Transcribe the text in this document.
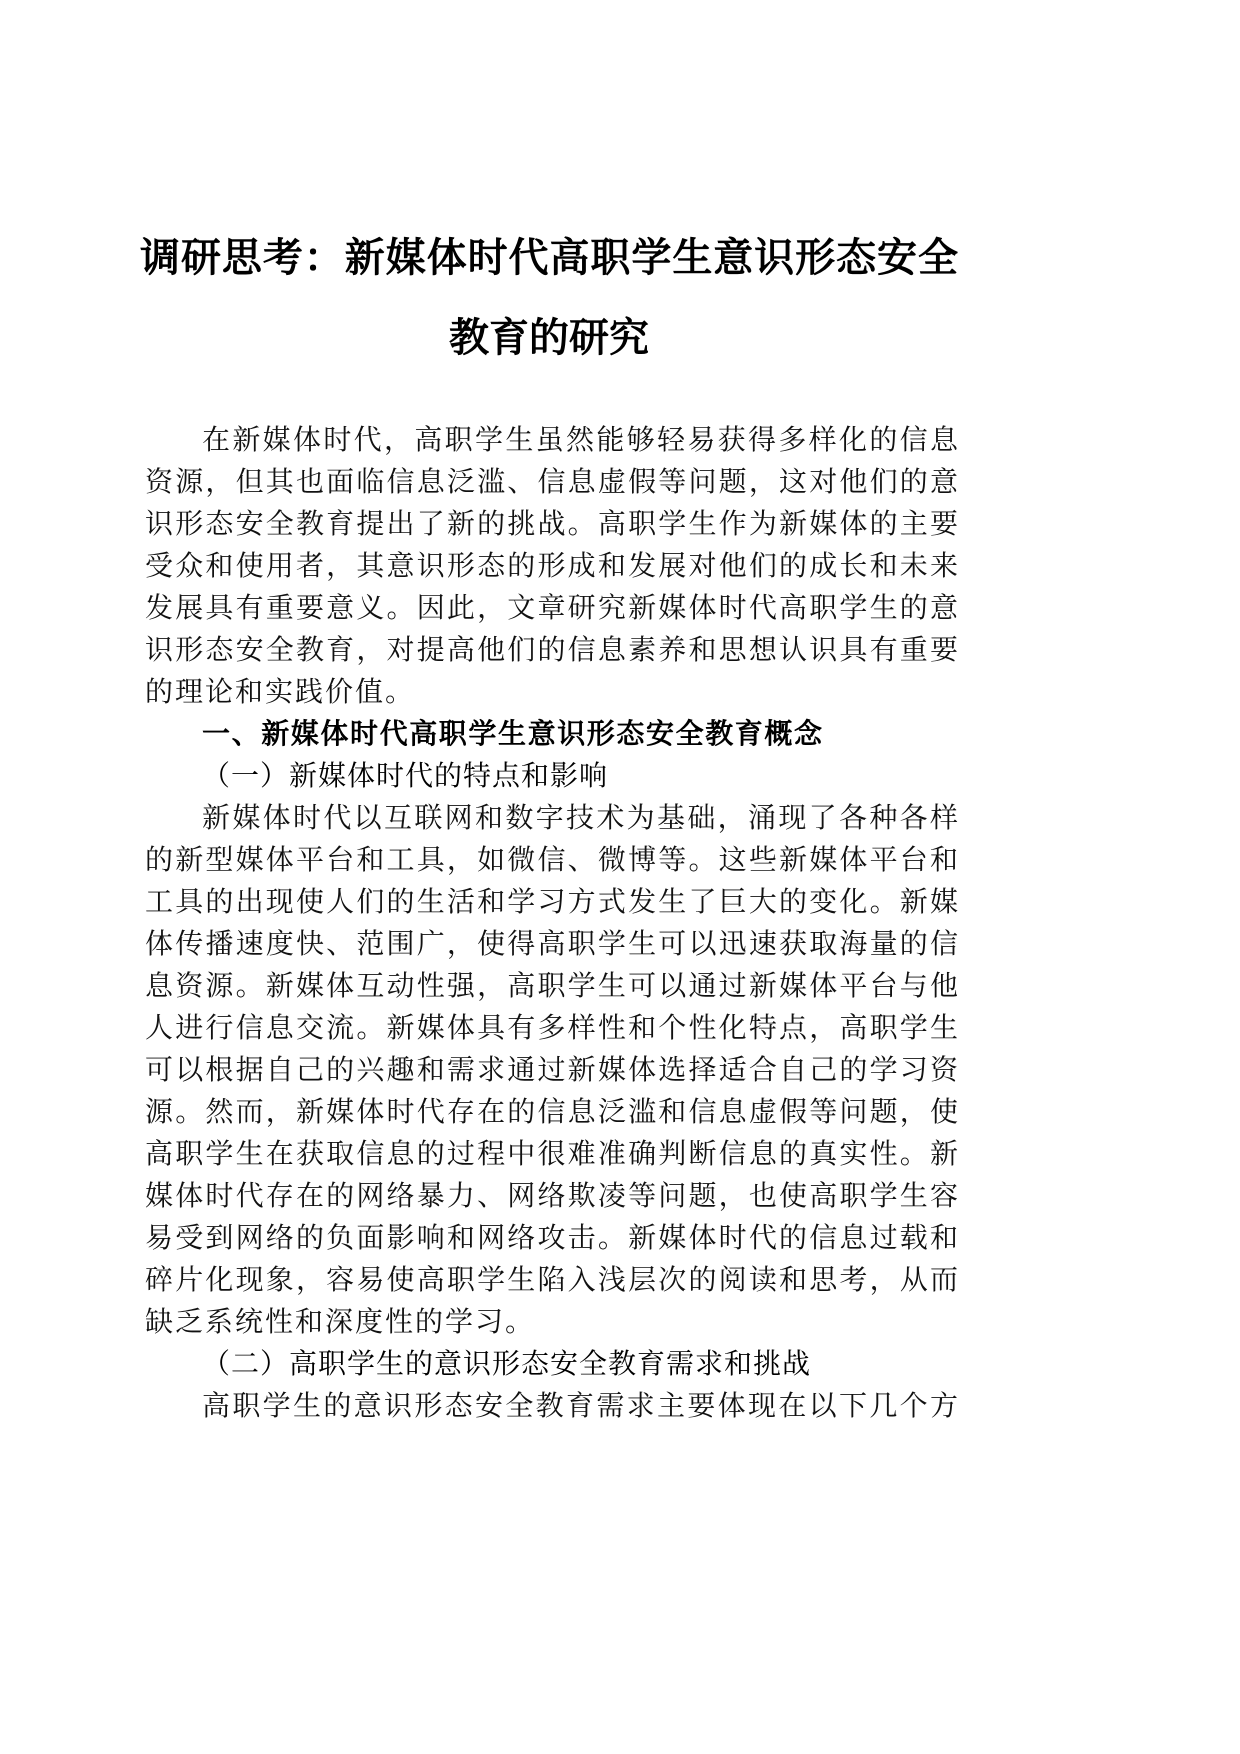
调研思考：新媒体时代高职学生意识形态安全
教育的研究
在新媒体时代，高职学生虽然能够轻易获得多样化的信息
资源，但其也面临信息泛滥、信息虚假等问题，这对他们的意
识形态安全教育提出了新的挑战。高职学生作为新媒体的主要
受众和使用者，其意识形态的形成和发展对他们的成长和未来
发展具有重要意义。因此，文章研究新媒体时代高职学生的意
识形态安全教育，对提高他们的信息素养和思想认识具有重要
的理论和实践价值。
一、新媒体时代高职学生意识形态安全教育概念
（一）新媒体时代的特点和影响
新媒体时代以互联网和数字技术为基础，涌现了各种各样
的新型媒体平台和工具，如微信、微博等。这些新媒体平台和
工具的出现使人们的生活和学习方式发生了巨大的变化。新媒
体传播速度快、范围广，使得高职学生可以迅速获取海量的信
息资源。新媒体互动性强，高职学生可以通过新媒体平台与他
人进行信息交流。新媒体具有多样性和个性化特点，高职学生
可以根据自己的兴趣和需求通过新媒体选择适合自己的学习资
源。然而，新媒体时代存在的信息泛滥和信息虚假等问题，使
高职学生在获取信息的过程中很难准确判断信息的真实性。新
媒体时代存在的网络暴力、网络欺凌等问题，也使高职学生容
易受到网络的负面影响和网络攻击。新媒体时代的信息过载和
碎片化现象，容易使高职学生陷入浅层次的阅读和思考，从而
缺乏系统性和深度性的学习。
（二）高职学生的意识形态安全教育需求和挑战
高职学生的意识形态安全教育需求主要体现在以下几个方
